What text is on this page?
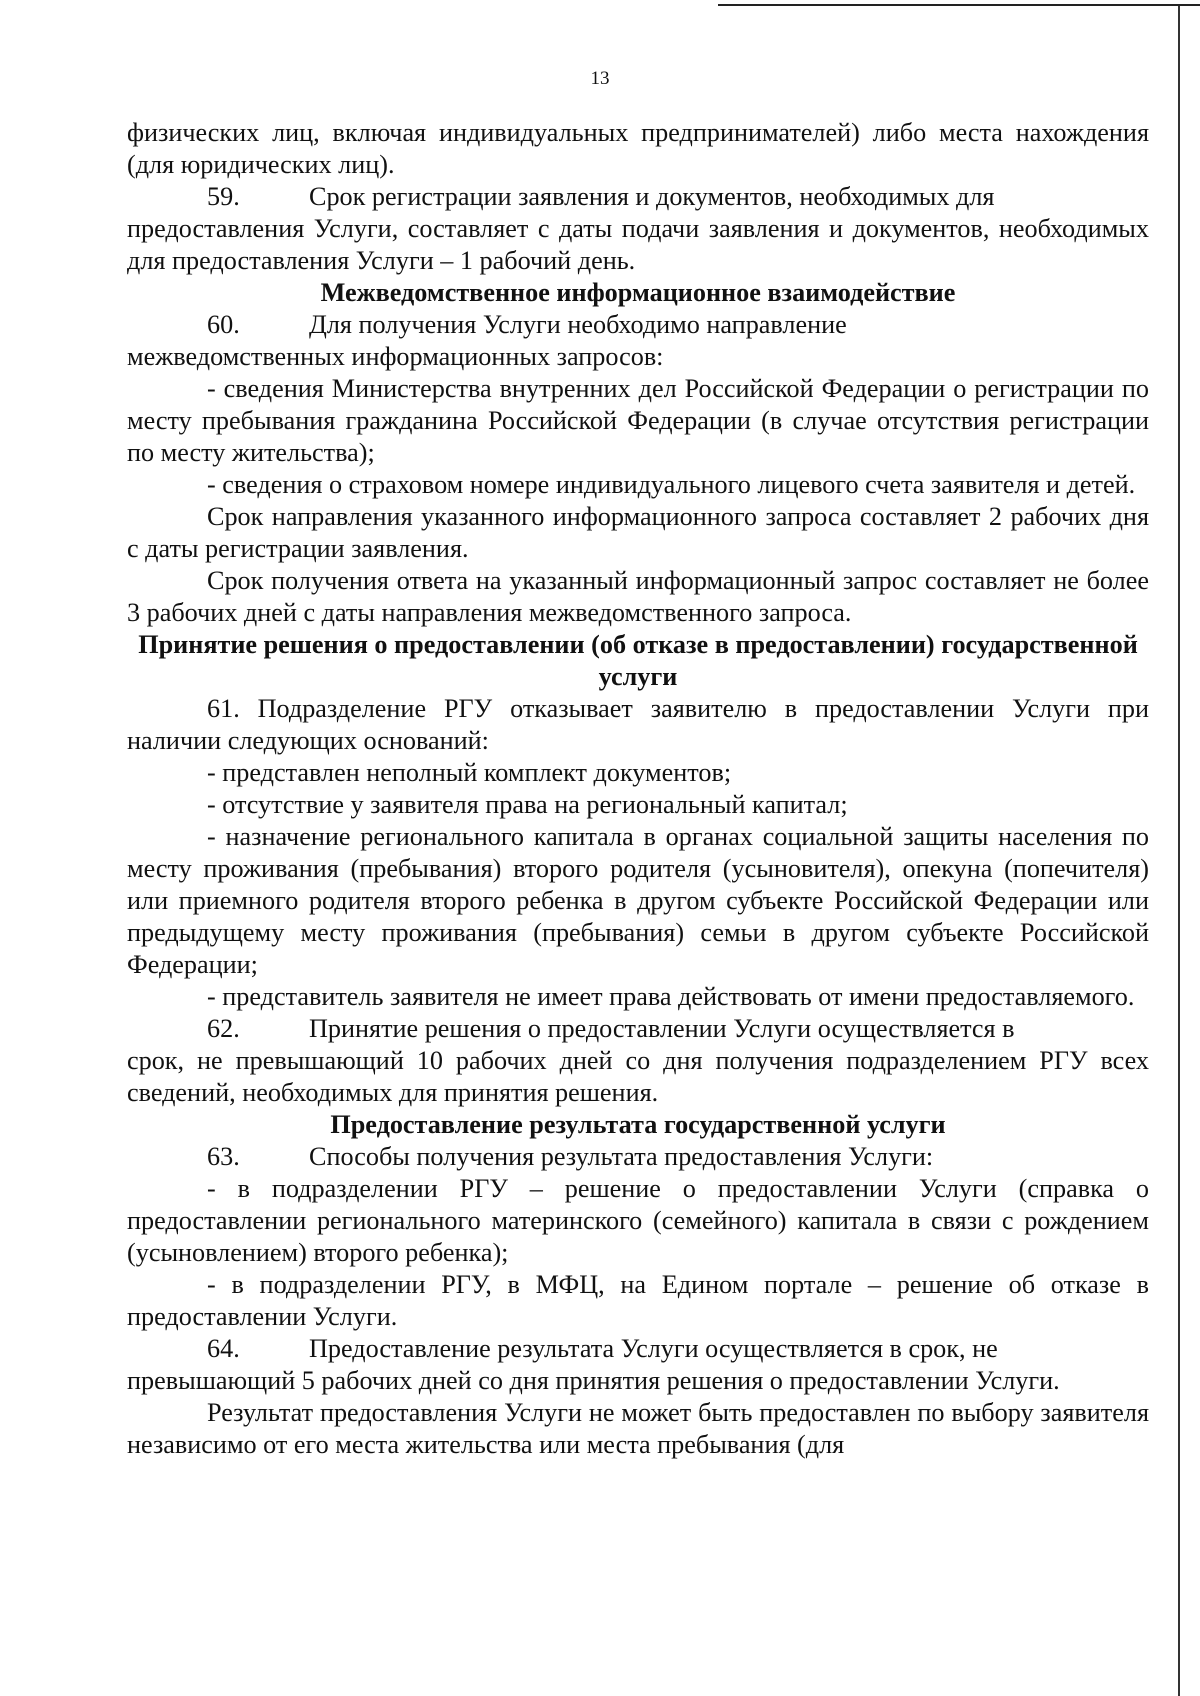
13

физических лиц, включая индивидуальных предпринимателей) либо места нахождения (для юридических лиц).

59.	Срок регистрации заявления и документов, необходимых для

предоставления Услуги, составляет с даты подачи заявления и документов, необходимых для предоставления Услуги – 1 рабочий день.

Межведомственное информационное взаимодействие

60.	Для получения Услуги необходимо направление

межведомственных информационных запросов:

- сведения Министерства внутренних дел Российской Федерации о регистрации по месту пребывания гражданина Российской Федерации (в случае отсутствия регистрации по месту жительства);

- сведения о страховом номере индивидуального лицевого счета заявителя и детей.

Срок направления указанного информационного запроса составляет 2 рабочих дня с даты регистрации заявления.

Срок получения ответа на указанный информационный запрос составляет не более 3 рабочих дней с даты направления межведомственного запроса.

Принятие решения о предоставлении (об отказе в предоставлении) государственной услуги

61. Подразделение РГУ отказывает заявителю в предоставлении Услуги при наличии следующих оснований:

- представлен неполный комплект документов;

- отсутствие у заявителя права на региональный капитал;

- назначение регионального капитала в органах социальной защиты населения по месту проживания (пребывания) второго родителя (усыновителя), опекуна (попечителя) или приемного родителя второго ребенка в другом субъекте Российской Федерации или предыдущему месту проживания (пребывания) семьи в другом субъекте Российской Федерации;

- представитель заявителя не имеет права действовать от имени предоставляемого.

62.	Принятие решения о предоставлении Услуги осуществляется в

срок, не превышающий 10 рабочих дней со дня получения подразделением РГУ всех сведений, необходимых для принятия решения.

Предоставление результата государственной услуги

63.	Способы получения результата предоставления Услуги:

- в подразделении РГУ – решение о предоставлении Услуги (справка о предоставлении регионального материнского (семейного) капитала в связи с рождением (усыновлением) второго ребенка);

- в подразделении РГУ, в МФЦ, на Едином портале – решение об отказе в предоставлении Услуги.

64.	Предоставление результата Услуги осуществляется в срок, не

превышающий 5 рабочих дней со дня принятия решения о предоставлении Услуги.

Результат предоставления Услуги не может быть предоставлен по выбору заявителя независимо от его места жительства или места пребывания (для
